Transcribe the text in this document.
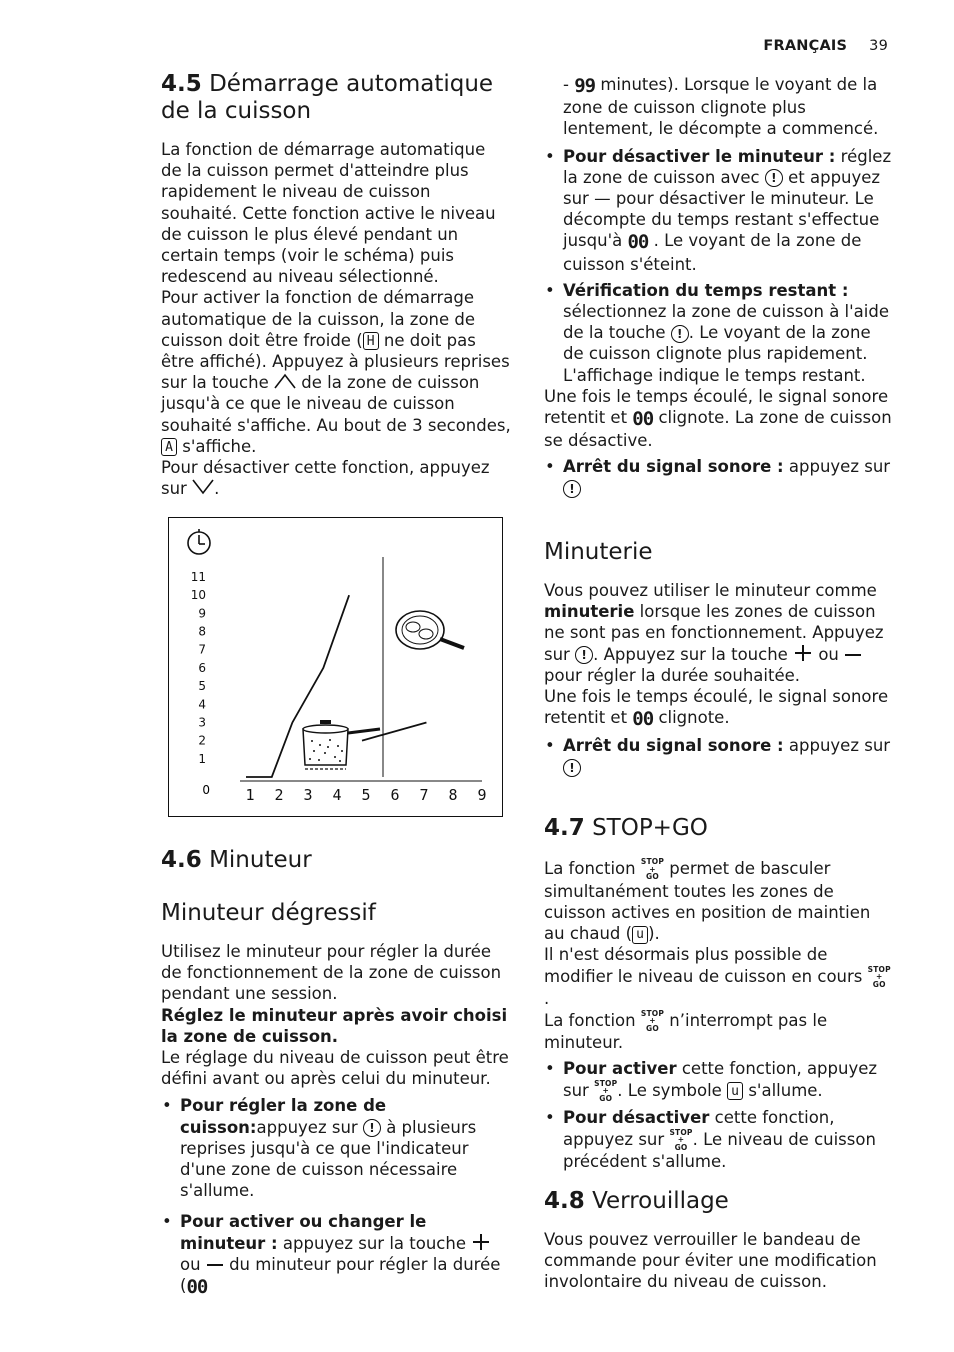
FRANÇAIS 39
4.5 Démarrage automatique
de la cuisson

La fonction de démarrage automatique de la cuisson permet d'atteindre plus rapidement le niveau de cuisson souhaité. Cette fonction active le niveau de cuisson le plus élevé pendant un certain temps (voir le schéma) puis redescend au niveau sélectionné.

Pour activer la fonction de démarrage automatique de la cuisson, la zone de cuisson doit être froide ( H ne doit pas être affiché). Appuyez à plusieurs reprises sur la touche de la zone de cuisson jusqu'à ce que le niveau de cuisson souhaité s'affiche. Au bout de 3 secondes, A s'affiche.

Pour désactiver cette fonction, appuyez sur .

11
10
9
8
7
6
5
4
3
2
1
0 1 2 3 4 5 6 7 8 9
4.6 Minuteur
Minuteur dégressif

Utilisez le minuteur pour régler la durée de fonctionnement de la zone de cuisson pendant une session.

Réglez le minuteur après avoir choisi la zone de cuisson.

Le réglage du niveau de cuisson peut être défini avant ou après celui du minuteur.

• Pour régler la zone de cuisson:appuyez sur ! à plusieurs reprises jusqu'à ce que l'indicateur d'une zone de cuisson nécessaire s'allume.
• Pour activer ou changer le minuteur : appuyez sur la touche  ou du minuteur pour régler la durée (00

- 99 minutes). Lorsque le voyant de la zone de cuisson clignote plus lentement, le décompte a commencé.

• Pour désactiver le minuteur : réglez la zone de cuisson avec ! et appuyez sur — pour désactiver le minuteur. Le décompte du temps restant s'effectue jusqu'à 00 . Le voyant de la zone de cuisson s'éteint.
• Vérification du temps restant : sélectionnez la zone de cuisson à l'aide de la touche ! . Le voyant de la zone de cuisson clignote plus rapidement. L'affichage indique le temps restant.

Une fois le temps écoulé, le signal sonore retentit et 00 clignote. La zone de cuisson se désactive.

• Arrêt du signal sonore : appuyez sur
!
Minuterie

Vous pouvez utiliser le minuteur comme minuterie lorsque les zones de cuisson ne sont pas en fonctionnement. Appuyez sur ! . Appuyez sur la touche ou  pour régler la durée souhaitée.

Une fois le temps écoulé, le signal sonore retentit et 00 clignote.

• Arrêt du signal sonore : appuyez sur
!
4.7 STOP+GO

La fonction STOP
+
GO permet de basculer simultanément toutes les zones de cuisson actives en position de maintien au chaud ( u ).

Il n'est désormais plus possible de modifier le niveau de cuisson en cours STOP
+
GO.

La fonction STOP
+
GO n’interrompt pas le minuteur.

• Pour activer cette fonction, appuyez sur STOP
+
GO . Le symbole u s'allume.
• Pour désactiver cette fonction, appuyez sur STOP
+
GO . Le niveau de cuisson précédent s'allume.
4.8 Verrouillage

Vous pouvez verrouiller le bandeau de commande pour éviter une modification involontaire du niveau de cuisson.
